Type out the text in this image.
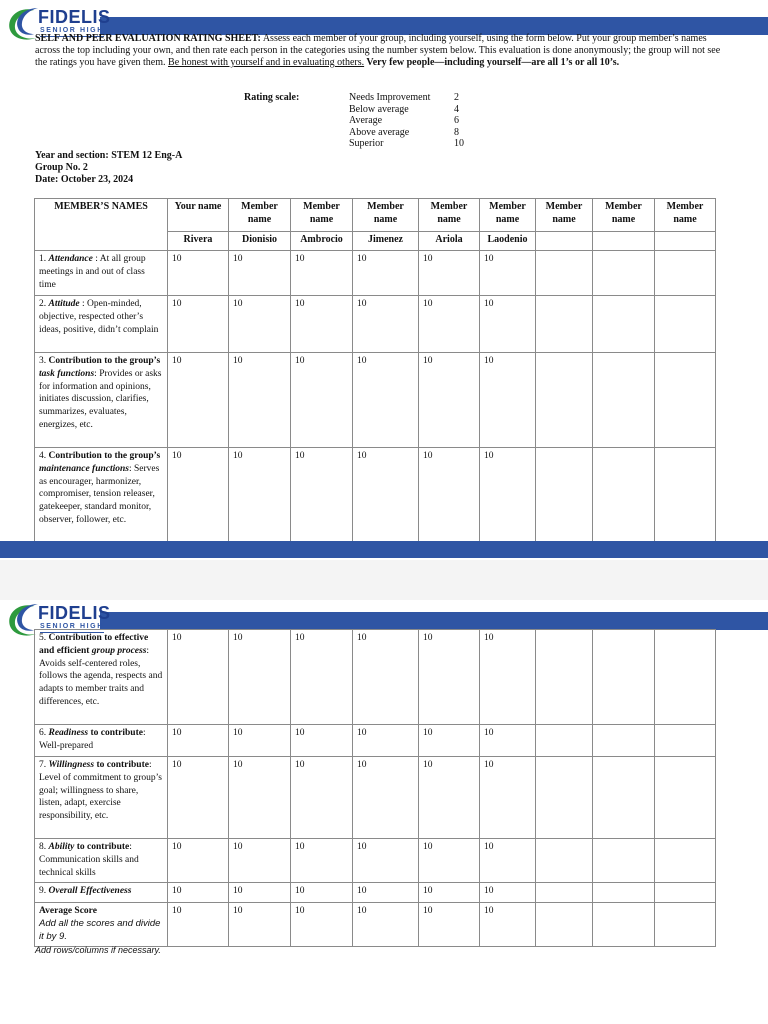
FIDELIS
SENIOR HIGH
SELF AND PEER EVALUATION RATING SHEET: Assess each member of your group, including yourself, using the form below. Put your group member’s names across the top including your own, and then rate each person in the categories using the number system below. This evaluation is done anonymously; the group will not see the ratings you have given them. Be honest with yourself and in evaluating others. Very few people—including yourself—are all 1’s or all 10’s.
Rating scale:	Needs Improvement	2
Below average	4
Average	6
Above average	8
Superior	10
Year and section: STEM 12 Eng-A
Group No. 2
Date: October 23, 2024
MEMBER’S NAMES	Your name	Member name	Member name	Member name	Member name	Member name	Member name	Member name	Member name
	Rivera	Dionisio	Ambrocio	Jimenez	Ariola	Laodenio			
1. Attendance : At all group meetings in and out of class time	10	10	10	10	10	10			
2. Attitude : Open-minded, objective, respected other’s ideas, positive, didn’t complain	10	10	10	10	10	10			
3. Contribution to the group’s task functions: Provides or asks for information and opinions, initiates discussion, clarifies, summarizes, evaluates, energizes, etc.	10	10	10	10	10	10			
4. Contribution to the group’s maintenance functions: Serves as encourager, harmonizer, compromiser, tension releaser, gatekeeper, standard monitor, observer, follower, etc.	10	10	10	10	10	10			
FIDELIS
SENIOR HIGH
5. Contribution to effective and efficient group process: Avoids self-centered roles, follows the agenda, respects and adapts to member traits and differences, etc.	10	10	10	10	10	10			
6. Readiness to contribute: Well-prepared	10	10	10	10	10	10			
7. Willingness to contribute: Level of commitment to group’s goal; willingness to share, listen, adapt, exercise responsibility, etc.	10	10	10	10	10	10			
8. Ability to contribute: Communication skills and technical skills	10	10	10	10	10	10			
9. Overall Effectiveness	10	10	10	10	10	10			
Average Score
Add all the scores and divide it by 9.	10	10	10	10	10	10			
Add rows/columns if necessary.
